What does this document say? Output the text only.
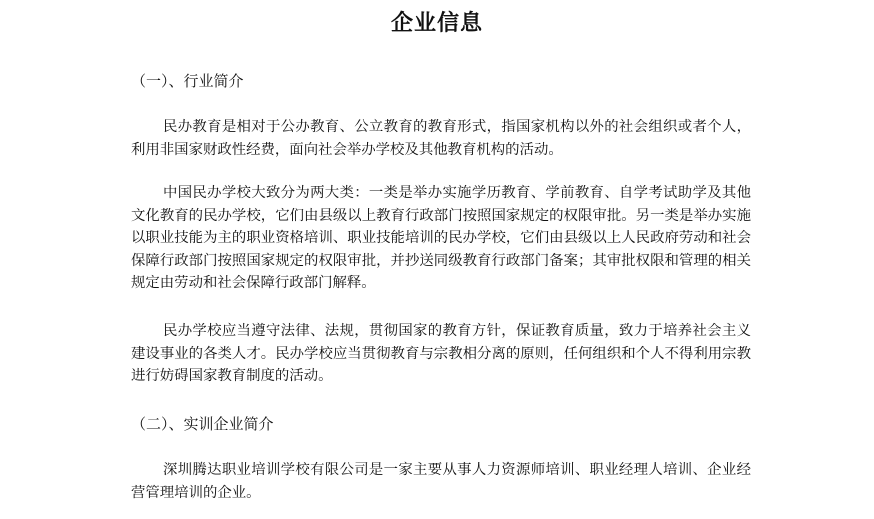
企业信息
（一）、行业简介

民办教育是相对于公办教育、公立教育的教育形式，指国家机构以外的社会组织或者个人，利用非国家财政性经费，面向社会举办学校及其他教育机构的活动。

中国民办学校大致分为两大类：一类是举办实施学历教育、学前教育、自学考试助学及其他文化教育的民办学校，它们由县级以上教育行政部门按照国家规定的权限审批。另一类是举办实施以职业技能为主的职业资格培训、职业技能培训的民办学校，它们由县级以上人民政府劳动和社会保障行政部门按照国家规定的权限审批，并抄送同级教育行政部门备案；其审批权限和管理的相关规定由劳动和社会保障行政部门解释。

民办学校应当遵守法律、法规，贯彻国家的教育方针，保证教育质量，致力于培养社会主义建设事业的各类人才。民办学校应当贯彻教育与宗教相分离的原则，任何组织和个人不得利用宗教进行妨碍国家教育制度的活动。

（二）、实训企业简介

深圳腾达职业培训学校有限公司是一家主要从事人力资源师培训、职业经理人培训、企业经营管理培训的企业。
